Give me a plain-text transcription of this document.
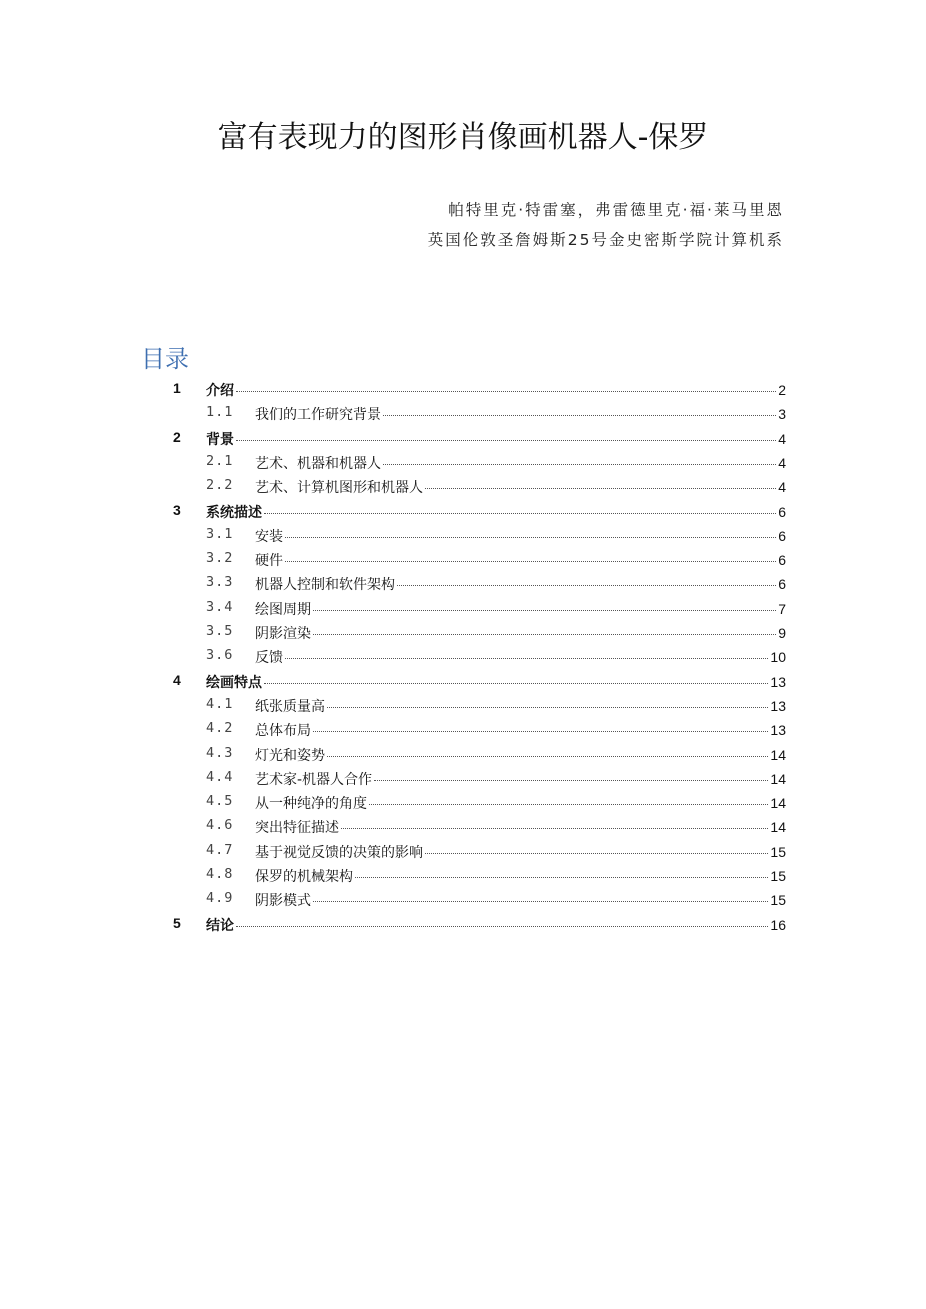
富有表现力的图形肖像画机器人-保罗
帕特里克·特雷塞，弗雷德里克·福·莱马里恩
英国伦敦圣詹姆斯25号金史密斯学院计算机系
目录
1 介绍	2
1.1 我们的工作研究背景	3
2 背景	4
2.1 艺术、机器和机器人	4
2.2 艺术、计算机图形和机器人	4
3 系统描述	6
3.1 安装	6
3.2 硬件	6
3.3 机器人控制和软件架构	6
3.4 绘图周期	7
3.5 阴影渲染	9
3.6 反馈	10
4 绘画特点	13
4.1 纸张质量高	13
4.2 总体布局	13
4.3 灯光和姿势	14
4.4 艺术家-机器人合作	14
4.5 从一种纯净的角度	14
4.6 突出特征描述	14
4.7 基于视觉反馈的决策的影响	15
4.8 保罗的机械架构	15
4.9 阴影模式	15
5 结论	16
